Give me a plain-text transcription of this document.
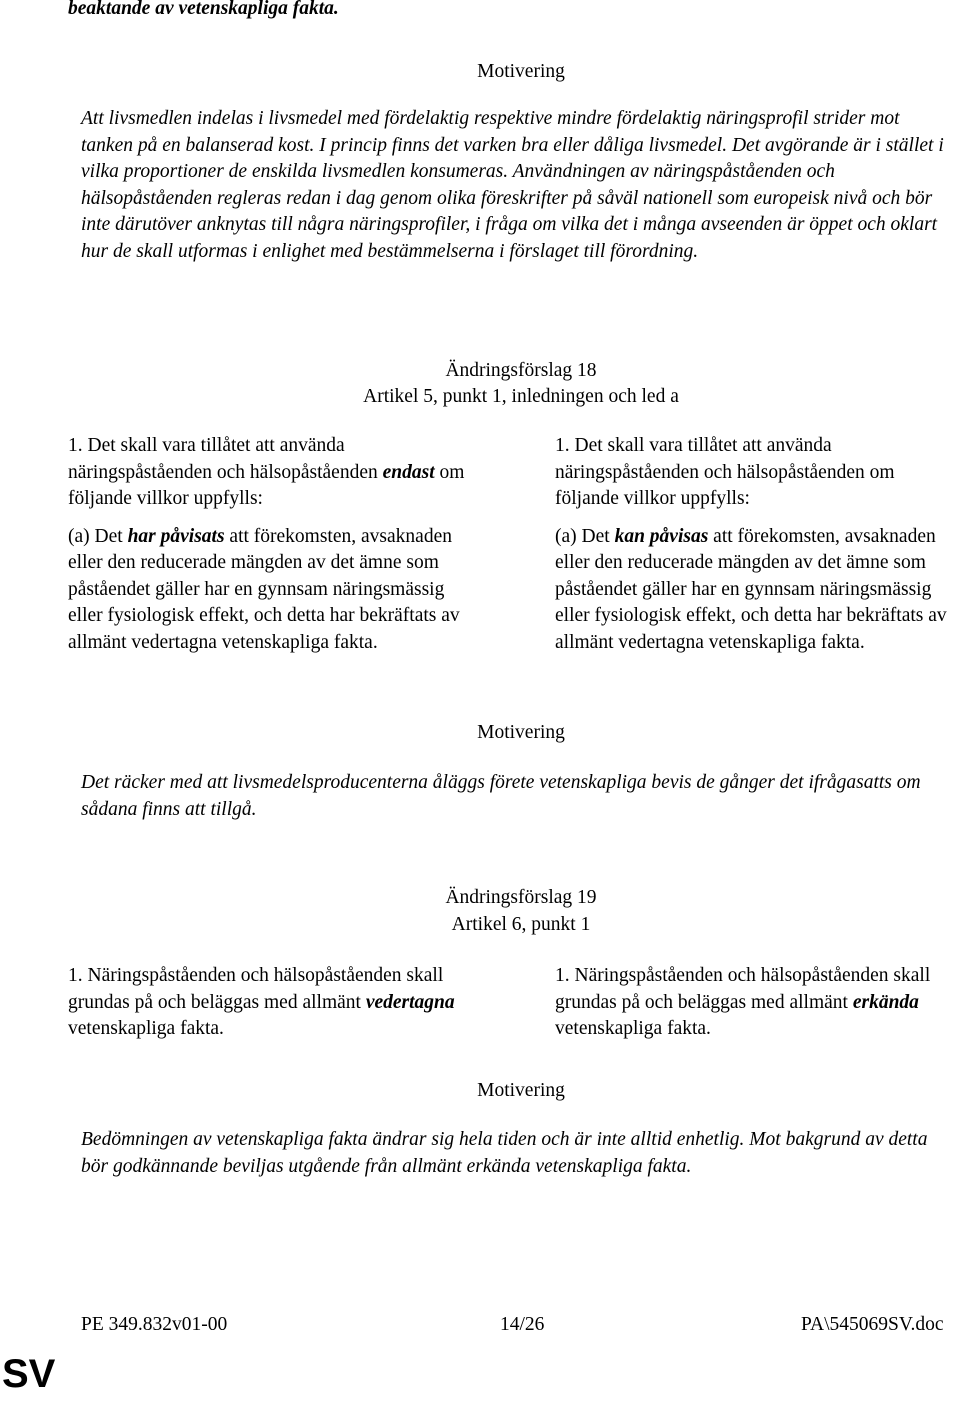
beaktande av vetenskapliga fakta.
Motivering

Att livsmedlen indelas i livsmedel med fördelaktig respektive mindre fördelaktig näringsprofil strider mot tanken på en balanserad kost. I princip finns det varken bra eller dåliga livsmedel. Det avgörande är i stället i vilka proportioner de enskilda livsmedlen konsumeras. Användningen av näringspåståenden och hälsopåståenden regleras redan i dag genom olika föreskrifter på såväl nationell som europeisk nivå och bör inte därutöver anknytas till några näringsprofiler, i fråga om vilka det i många avseenden är öppet och oklart hur de skall utformas i enlighet med bestämmelserna i förslaget till förordning.

Ändringsförslag 18
Artikel 5, punkt 1, inledningen och led a

1. Det skall vara tillåtet att använda näringspåståenden och hälsopåståenden endast om följande villkor uppfylls:

(a) Det har påvisats att förekomsten, avsaknaden eller den reducerade mängden av det ämne som påståendet gäller har en gynnsam näringsmässig eller fysiologisk effekt, och detta har bekräftats av allmänt vedertagna vetenskapliga fakta.

1. Det skall vara tillåtet att använda näringspåståenden och hälsopåståenden om följande villkor uppfylls:

(a) Det kan påvisas att förekomsten, avsaknaden eller den reducerade mängden av det ämne som påståendet gäller har en gynnsam näringsmässig eller fysiologisk effekt, och detta har bekräftats av allmänt vedertagna vetenskapliga fakta.

Motivering

Det räcker med att livsmedelsproducenterna åläggs förete vetenskapliga bevis de gånger det ifrågasatts om sådana finns att tillgå.

Ändringsförslag 19
Artikel 6, punkt 1

1. Näringspåståenden och hälsopåståenden skall grundas på och beläggas med allmänt vedertagna vetenskapliga fakta.

1. Näringspåståenden och hälsopåståenden skall grundas på och beläggas med allmänt erkända vetenskapliga fakta.

Motivering

Bedömningen av vetenskapliga fakta ändrar sig hela tiden och är inte alltid enhetlig. Mot bakgrund av detta bör godkännande beviljas utgående från allmänt erkända vetenskapliga fakta.

PE 349.832v01-00	14/26	PA\545069SV.doc
SV
